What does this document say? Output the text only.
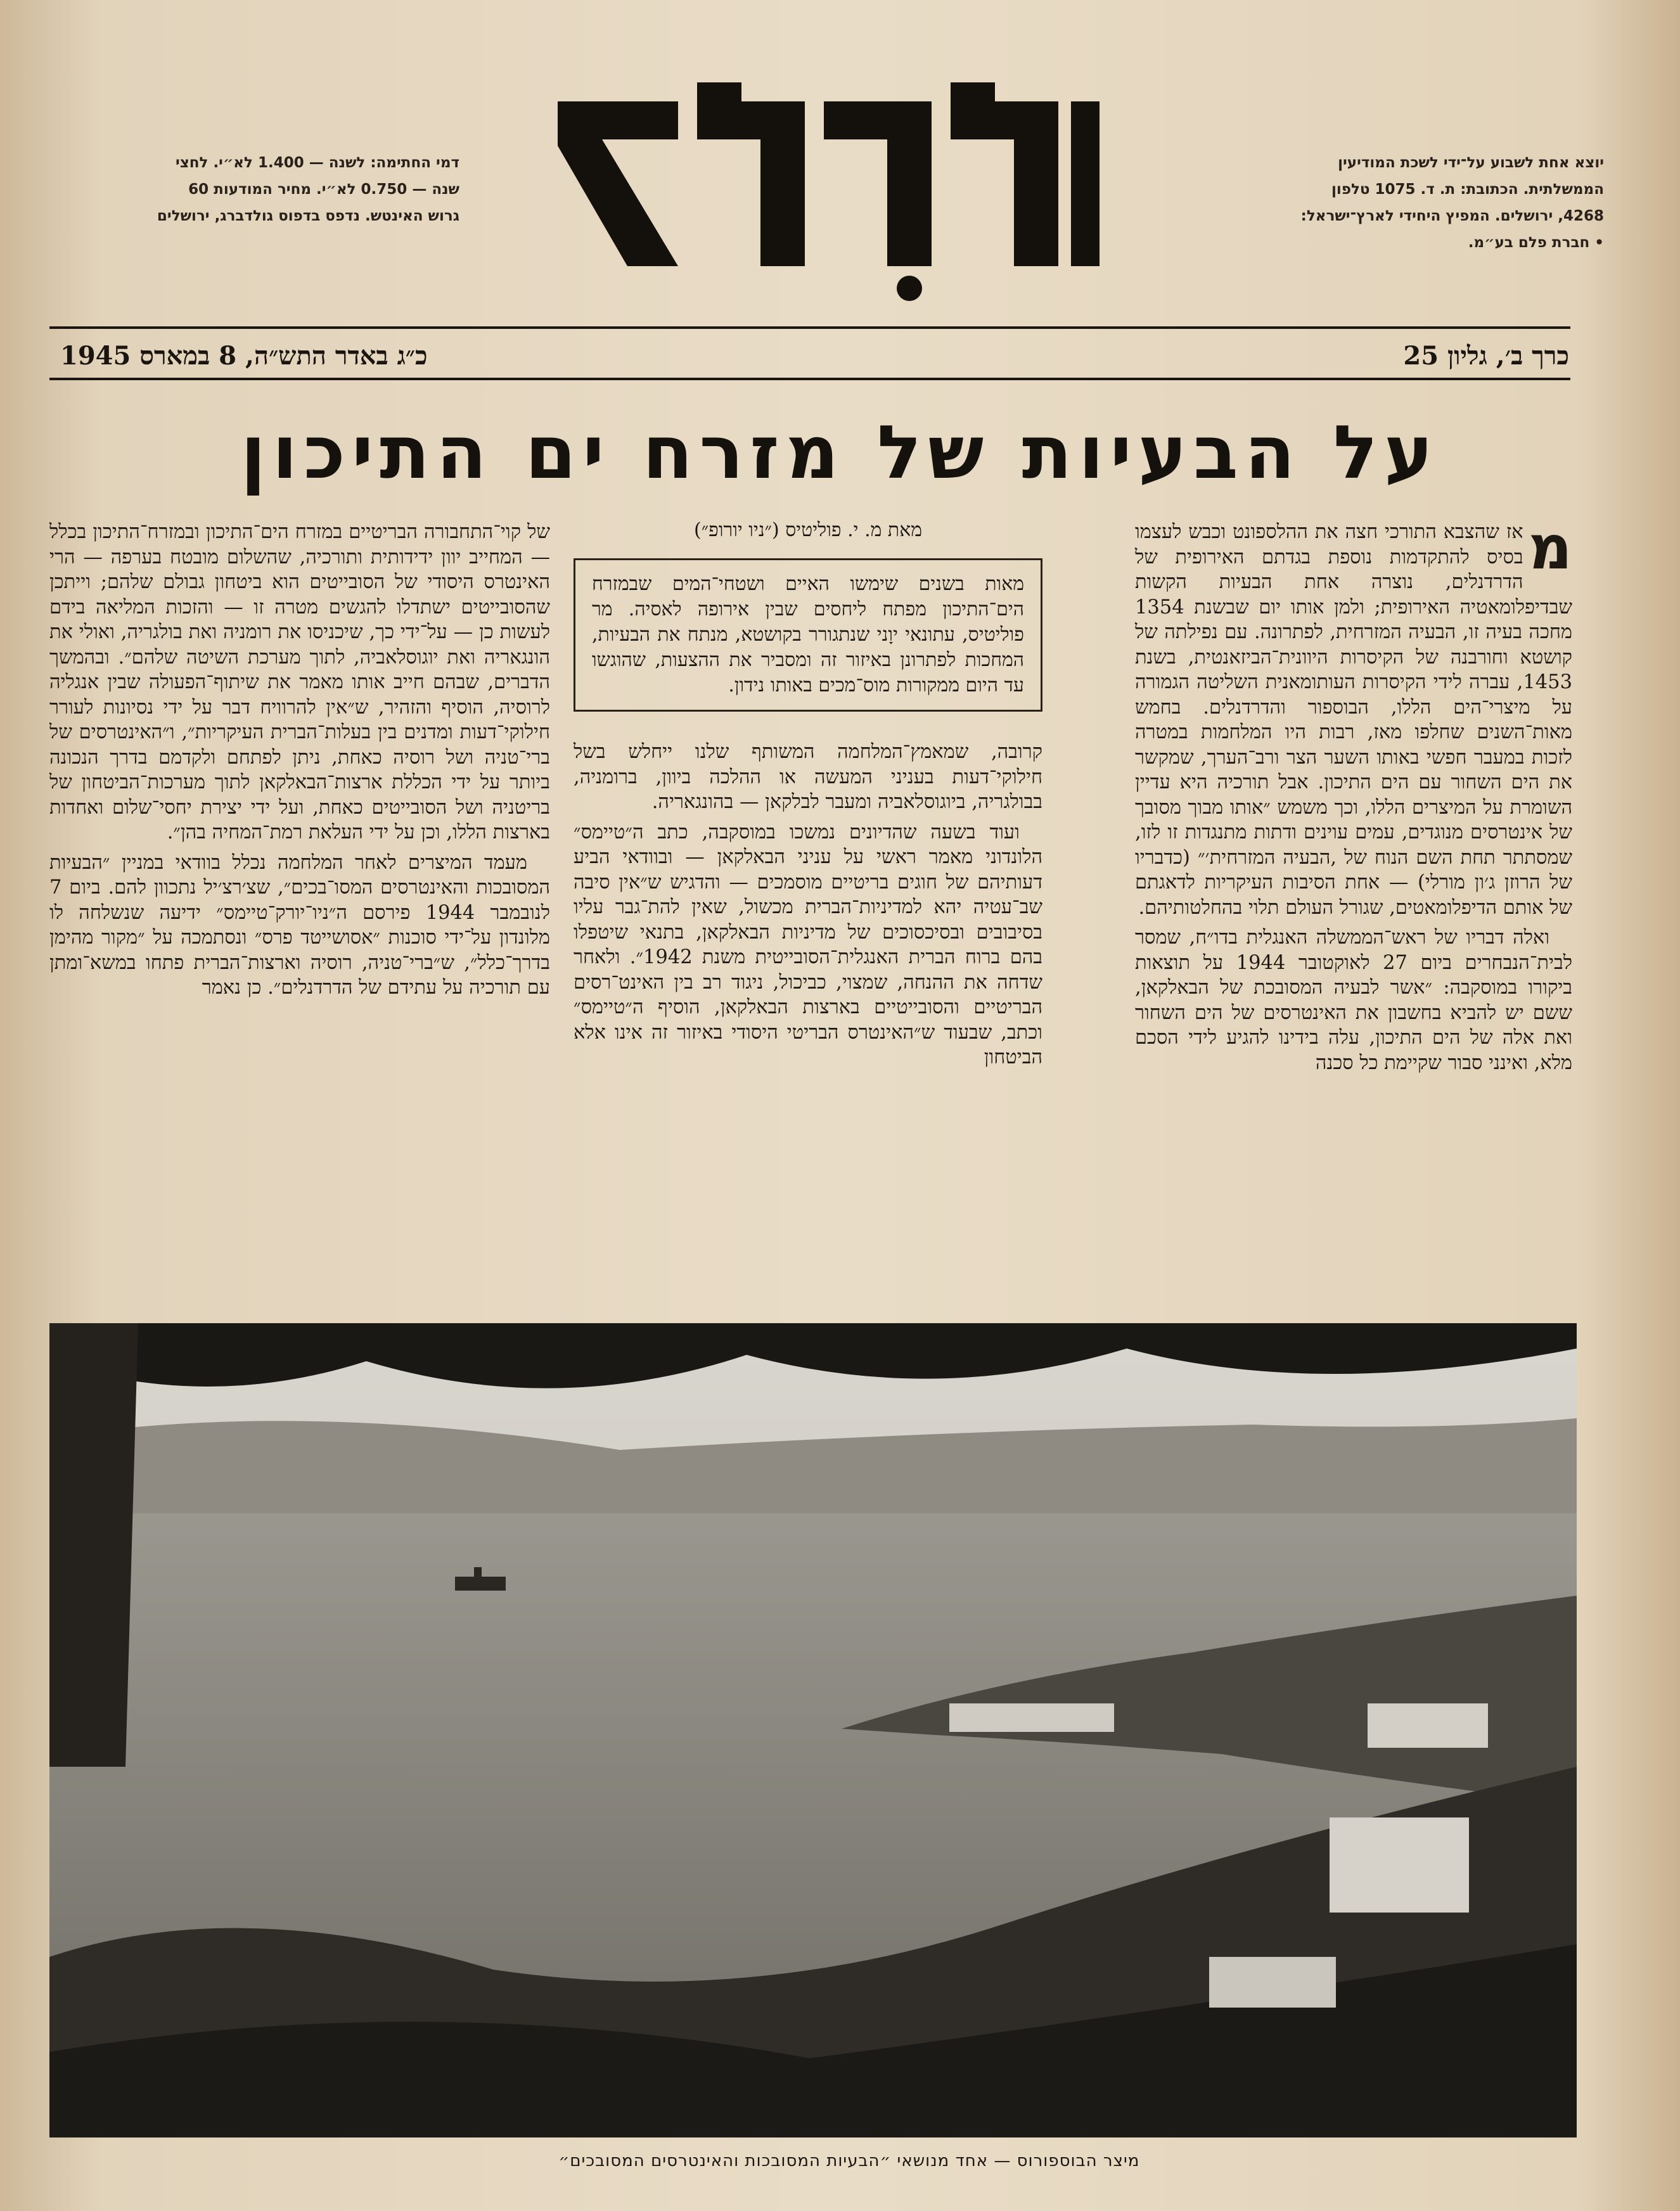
יוצא אחת לשבוע על־ידי לשכת המודיעין

הממשלתית. הכתובת: ת. ד. 1075 טלפון

4268, ירושלים. המפיץ היחידי לארץ־ישראל:

• חברת פלם בע״מ.

דמי החתימה: לשנה — 1.400 לא״י. לחצי

שנה — 0.750 לא״י. מחיר המודעות 60

גרוש האינטש. נדפס בדפוס גולדברג, ירושלים

כרך ב׳, גליון 25
כ״ג באדר התש״ה, 8 במארס 1945
על הבעיות של מזרח ים התיכון

מ
אז שהצבא התורכי חצה את ההלספונט וכבש לעצמו בסיס להתקדמות נוספת בגדתם האירופית של הדרדנלים, נוצרה אחת הבעיות הקשות שבדיפלומאטיה האירופית; ולמן אותו יום שבשנת 1354 מחכה בעיה זו, הבעיה המזרחית, לפתרונה. עם נפילתה של קושטא וחורבנה של הקיסרות היוונית־הביזאנטית, בשנת 1453, עברה לידי הקיסרות העותומאנית השליטה הגמורה על מיצרי־הים הללו, הבוספור והדרדנלים. בחמש מאות־השנים שחלפו מאז, רבות היו המלחמות במטרה לזכות במעבר חפשי באותו השער הצר ורב־הערך, שמקשר את הים השחור עם הים התיכון. אבל תורכיה היא עדיין השומרת על המיצרים הללו, וכך משמש ״אותו מבוך מסובך של אינטרסים מנוגדים, עמים עוינים ודתות מתנגדות זו לזו, שמסתתר תחת השם הנוח של ,הבעיה המזרחית׳״ (כדבריו של הרוזן ג׳ון מורלי) — אחת הסיבות העיקריות לדאגתם של אותם הדיפלומאטים, שגורל העולם תלוי בהחלטותיהם.

ואלה דבריו של ראש־הממשלה האנגלית בדו״ח, שמסר לבית־הנבחרים ביום 27 לאוקטובר 1944 על תוצאות ביקורו במוסקבה: ״אשר לבעיה המסובכת של הבאלקאן, ששם יש להביא בחשבון את האינטרסים של הים השחור ואת אלה של הים התיכון, עלה בידינו להגיע לידי הסכם מלא, ואינני סבור שקיימת כל סכנה

מאת מ. י. פוליטיס (״ניו יורופ״)
מאות בשנים שימשו האיים ושטחי־המים שבמזרח הים־התיכון מפתח ליחסים שבין אירופה לאסיה. מר פוליטיס, עתונאי יוָני שנתגורר בקושטא, מנתח את הבעיות, המחכות לפתרונן באיזור זה ומסביר את ההצעות, שהוגשו עד היום ממקורות מוס־מכים באותו נידון.

קרובה, שמאמץ־המלחמה המשותף שלנו ייחלש בשל חילוקי־דעות בעניני המעשה או ההלכה ביוון, ברומניה, בבולגריה, ביוגוסלאביה ומעבר לבלקאן — בהונגאריה.

ועוד בשעה שהדיונים נמשכו במוסקבה, כתב ה״טיימס״ הלונדוני מאמר ראשי על עניני הבאלקאן — ובוודאי הביע דעותיהם של חוגים בריטיים מוסמכים — והדגיש ש״אין סיבה שב־עטיה יהא למדיניות־הברית מכשול, שאין להת־גבר עליו בסיבובים ובסיכסוכים של מדיניות הבאלקאן, בתנאי שיטפלו בהם ברוח הברית האנגלית־הסובייטית משנת 1942״. ולאחר שדחה את ההנחה, שמצוי, כביכול, ניגוד רב בין האינט־רסים הבריטיים והסובייטיים בארצות הבאלקאן, הוסיף ה״טיימס״ וכתב, שבעוד ש״האינטרס הבריטי היסודי באיזור זה אינו אלא הביטחון

של קוי־התחבורה הבריטיים במזרח הים־התיכון ובמזרח־התיכון בכלל — המחייב יוון ידידותית ותורכיה, שהשלום מובטח בערפה — הרי האינטרס היסודי של הסובייטים הוא ביטחון גבולם שלהם; וייתכן שהסובייטים ישתדלו להגשים מטרה זו — והזכות המליאה בידם לעשות כן — על־ידי כך, שיכניסו את רומניה ואת בולגריה, ואולי את הונגאריה ואת יוגוסלאביה, לתוך מערכת השיטה שלהם״. ובהמשך הדברים, שבהם חייב אותו מאמר את שיתוף־הפעולה שבין אנגליה לרוסיה, הוסיף והזהיר, ש״אין להרוויח דבר על ידי נסיונות לעורר חילוקי־דעות ומדנים בין בעלות־הברית העיקריות״, ו״האינטרסים של ברי־טניה ושל רוסיה כאחת, ניתן לפתחם ולקדמם בדרך הנכונה ביותר על ידי הכללת ארצות־הבאלקאן לתוך מערכות־הביטחון של בריטניה ושל הסובייטים כאחת, ועל ידי יצירת יחסי־שלום ואחדות בארצות הללו, וכן על ידי העלאת רמת־המחיה בהן״.

מעמד המיצרים לאחר המלחמה נכלל בוודאי במניין ״הבעיות המסובכות והאינטרסים המסו־בכים״, שצ׳רצ׳יל נתכוון להם. ביום 7 לנובמבר 1944 פירסם ה״ניו־יורק־טיימס״ ידיעה שנשלחה לו מלונדון על־ידי סוכנות ״אסושייטד פרס״ ונסתמכה על ״מקור מהימן בדרך־כלל״, ש״ברי־טניה, רוסיה וארצות־הברית פתחו במשא־ומתן עם תורכיה על עתידם של הדרדנלים״. כן נאמר

מיצר הבוספורוס — אחד מנושאי ״הבעיות המסובכות והאינטרסים המסובכים״
